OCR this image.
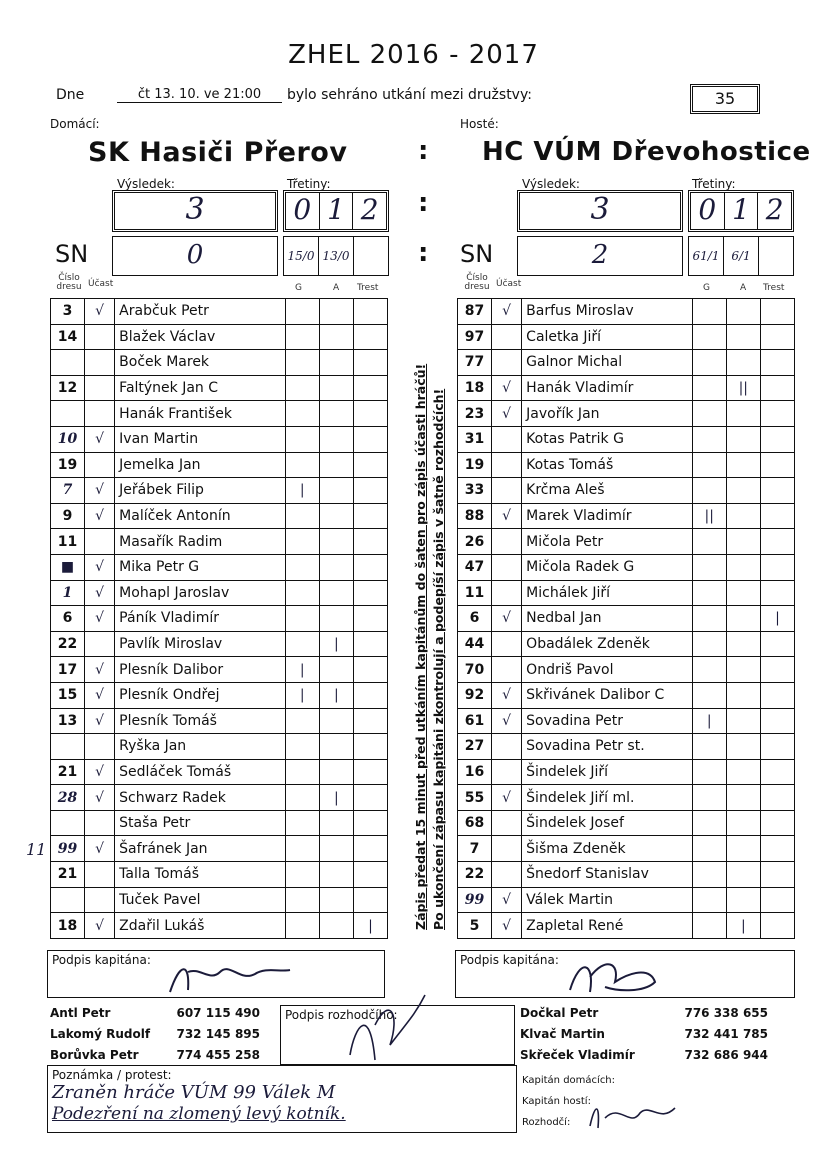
ZHEL 2016 - 2017
Dne	čt 13. 10. ve 21:00	bylo sehráno utkání mezi družstvy:	35
Domácí:	Hosté:
SK Hasiči Přerov	: HC VÚM Dřevohostice
Výsledek:	Třetiny:
3	0 1 2 :
Výsledek:	Třetiny:
3	0 1 2
SN	0	15/0 13/0	: SN	2	61/1 6/1
Číslo dresu Účast	G	A Trest
Číslo dresu Účast	G	A Trest
3	√	Arabčuk Petr			
14		Blažek Václav			
		Boček Marek			
12		Faltýnek Jan C			
		Hanák František			
10	√	Ivan Martin			
19		Jemelka Jan			
7	√	Jeřábek Filip	|		
9	√	Malíček Antonín			
11		Masařík Radim			
■	√	Mika Petr G			
1	√	Mohapl Jaroslav			
6	√	Páník Vladimír			
22		Pavlík Miroslav		|	
17	√	Plesník Dalibor	|		
15	√	Plesník Ondřej	|	|	
13	√	Plesník Tomáš			
		Ryška Jan			
21	√	Sedláček Tomáš			
28	√	Schwarz Radek		|	
		Staša Petr			
99	√	Šafránek Jan			
21		Talla Tomáš			
		Tuček Pavel			
18	√	Zdařil Lukáš			|
87	√	Barfus Miroslav			
97		Caletka Jiří			
77		Galnor Michal			
18	√	Hanák Vladimír		||	
23	√	Javořík Jan			
31		Kotas Patrik G			
19		Kotas Tomáš			
33		Krčma Aleš			
88	√	Marek Vladimír	||		
26		Mičola Petr			
47		Mičola Radek G			
11		Michálek Jiří			
6	√	Nedbal Jan			|
44		Obadálek Zdeněk			
70		Ondriš Pavol			
92	√	Skřivánek Dalibor C			
61	√	Sovadina Petr	|		
27		Sovadina Petr st.			
16		Šindelek Jiří			
55	√	Šindelek Jiří ml.			
68		Šindelek Josef			
7		Šišma Zdeněk			
22		Šnedorf Stanislav			
99	√	Válek Martin			
5	√	Zapletal René		|	
11	Zápis předat 15 minut před utkáním kapitánům do šaten pro zápis účasti hráčů! Po ukončení zápasu kapitáni zkontrolují a podepíší zápis v šatně rozhodčích!
Podpis kapitána:	Podpis kapitána:
Antl Petr	607 115 490
Lakomý Rudolf 732 145 895
Borůvka Petr	774 455 258
Podpis rozhodčího:	Dočkal Petr	776 338 655
Klvač Martin	732 441 785
Skřeček Vladimír	732 686 944
Poznámka / protest:
Zraněn hráče VÚM 99 Válek M
Podezření na zlomený levý kotník.
Kapitán domácích:
Kapitán hostí:
Rozhodčí:
